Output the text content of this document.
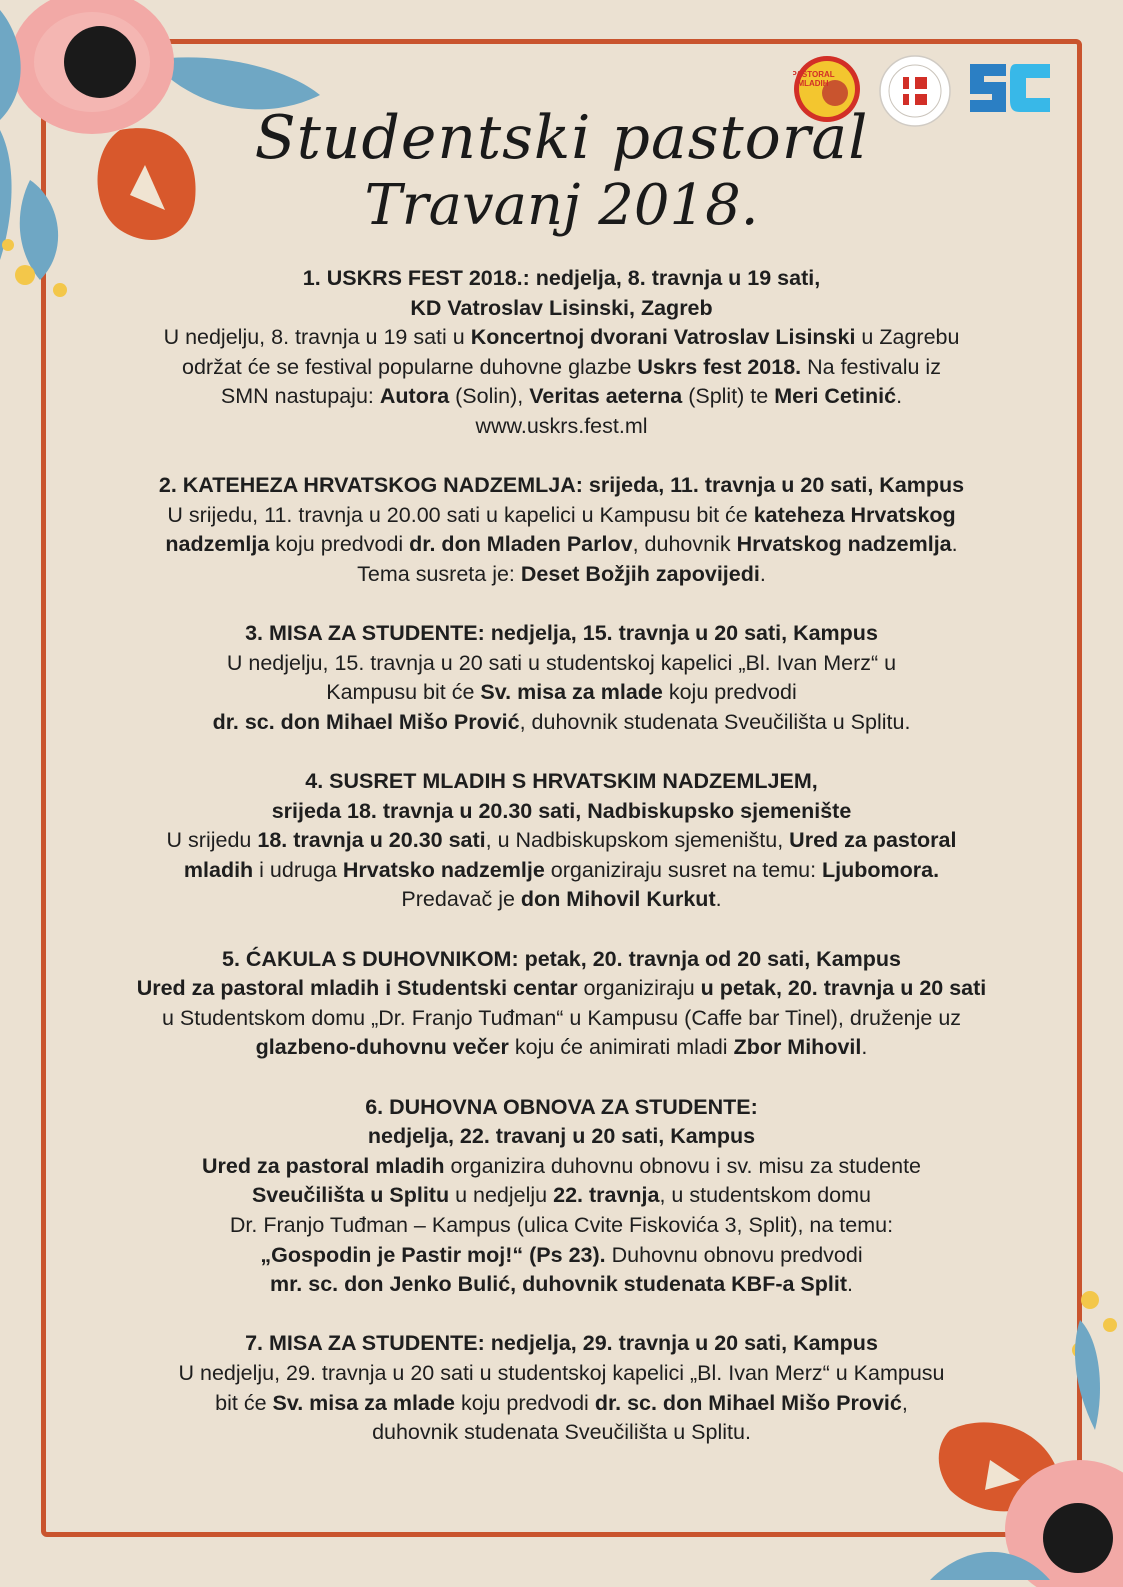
PASTORAL
MLADIH
Studentski pastoral
Travanj 2018.
1. USKRS FEST 2018.: nedjelja, 8. travnja u 19 sati,
KD Vatroslav Lisinski, Zagreb
U nedjelju, 8. travnja u 19 sati u Koncertnoj dvorani Vatroslav Lisinski u Zagrebu
održat će se festival popularne duhovne glazbe Uskrs fest 2018. Na festivalu iz
SMN nastupaju: Autora (Solin), Veritas aeterna (Split) te Meri Cetinić.
www.uskrs.fest.ml
2. KATEHEZA HRVATSKOG NADZEMLJA: srijeda, 11. travnja u 20 sati, Kampus
U srijedu, 11. travnja u 20.00 sati u kapelici u Kampusu bit će kateheza Hrvatskog
nadzemlja koju predvodi dr. don Mladen Parlov, duhovnik Hrvatskog nadzemlja.
Tema susreta je: Deset Božjih zapovijedi.
3. MISA ZA STUDENTE: nedjelja, 15. travnja u 20 sati, Kampus
U nedjelju, 15. travnja u 20 sati u studentskoj kapelici „Bl. Ivan Merz“ u
Kampusu bit će Sv. misa za mlade koju predvodi
dr. sc. don Mihael Mišo Prović, duhovnik studenata Sveučilišta u Splitu.
4. SUSRET MLADIH S HRVATSKIM NADZEMLJEM,
srijeda 18. travnja u 20.30 sati, Nadbiskupsko sjemenište
U srijedu 18. travnja u 20.30 sati, u Nadbiskupskom sjemeništu, Ured za pastoral
mladih i udruga Hrvatsko nadzemlje organiziraju susret na temu: Ljubomora.
Predavač je don Mihovil Kurkut.
5. ĆAKULA S DUHOVNIKOM: petak, 20. travnja od 20 sati, Kampus
Ured za pastoral mladih i Studentski centar organiziraju u petak, 20. travnja u 20 sati
u Studentskom domu „Dr. Franjo Tuđman“ u Kampusu (Caffe bar Tinel), druženje uz
glazbeno-duhovnu večer koju će animirati mladi Zbor Mihovil.
6. DUHOVNA OBNOVA ZA STUDENTE:
nedjelja, 22. travanj u 20 sati, Kampus
Ured za pastoral mladih organizira duhovnu obnovu i sv. misu za studente
Sveučilišta u Splitu u nedjelju 22. travnja, u studentskom domu
Dr. Franjo Tuđman – Kampus (ulica Cvite Fiskovića 3, Split), na temu:
„Gospodin je Pastir moj!“ (Ps 23). Duhovnu obnovu predvodi
mr. sc. don Jenko Bulić, duhovnik studenata KBF-a Split.
7. MISA ZA STUDENTE: nedjelja, 29. travnja u 20 sati, Kampus
U nedjelju, 29. travnja u 20 sati u studentskoj kapelici „Bl. Ivan Merz“ u Kampusu
bit će Sv. misa za mlade koju predvodi dr. sc. don Mihael Mišo Prović,
duhovnik studenata Sveučilišta u Splitu.
